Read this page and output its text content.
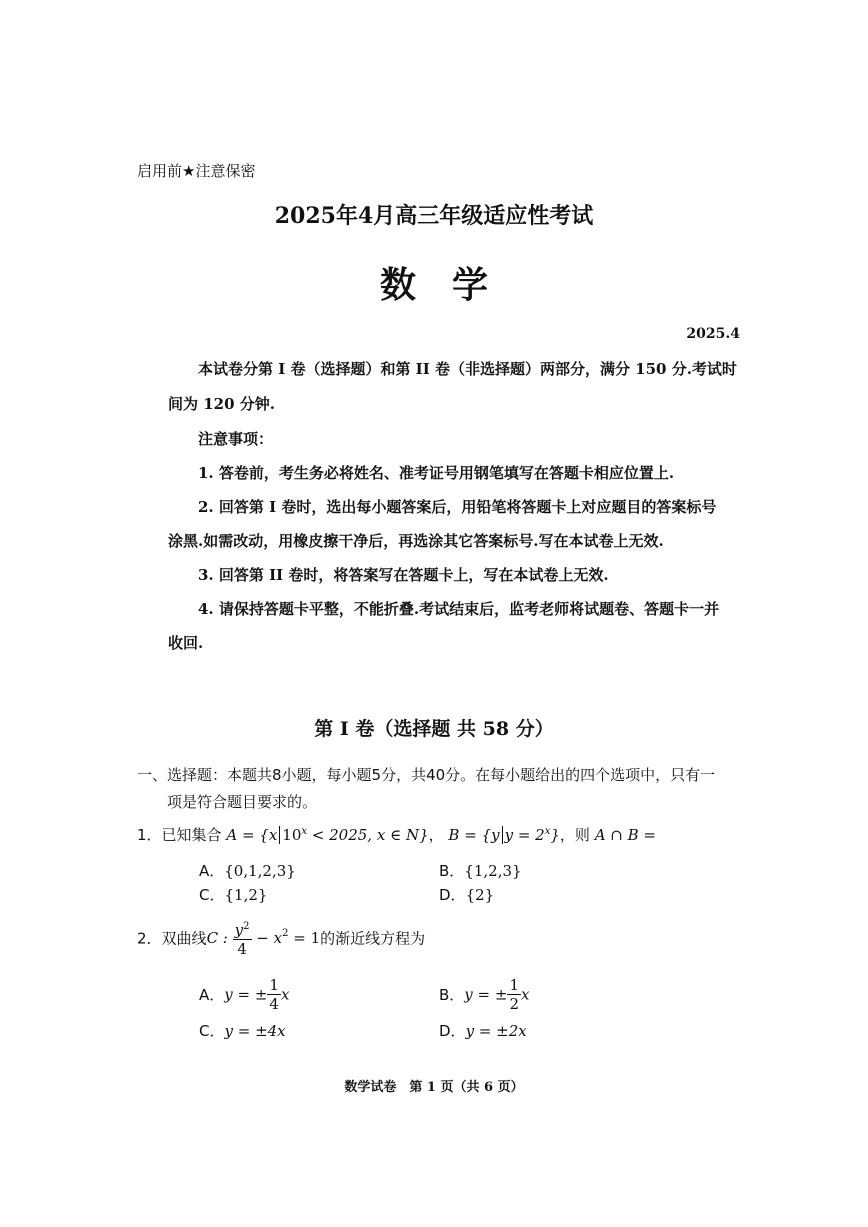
启用前★注意保密
2025年4月高三年级适应性考试
数学
2025.4
本试卷分第 I 卷（选择题）和第 II 卷（非选择题）两部分，满分 150 分.考试时
间为 120 分钟.
注意事项：
1. 答卷前，考生务必将姓名、准考证号用钢笔填写在答题卡相应位置上.
2. 回答第 I 卷时，选出每小题答案后，用铅笔将答题卡上对应题目的答案标号
涂黑.如需改动，用橡皮擦干净后，再选涂其它答案标号.写在本试卷上无效.
3. 回答第 II 卷时，将答案写在答题卡上，写在本试卷上无效.
4. 请保持答题卡平整，不能折叠.考试结束后，监考老师将试题卷、答题卡一并
收回.
第 I 卷（选择题 共 58 分）
一、选择题：本题共8小题，每小题5分，共40分。在每小题给出的四个选项中，只有一
项是符合题目要求的。
1．已知集合 A = {x $10^x < 2025$, x ∈ N}， B = {y $y = 2^x$}，则 A ∩ B =
A．{0,1,2,3}	B．{1,2,3}
C．{1,2}	D．{2}
2．双曲线C : $\frac{y^2}{4} - x^2 = 1$的渐近线方程为
A．y = ± $\frac{1}{4}$ x	B．y = ± $\frac{1}{2}$ x
C．y = ±4x	D．y = ±2x
数学试卷　第 1 页（共 6 页）
